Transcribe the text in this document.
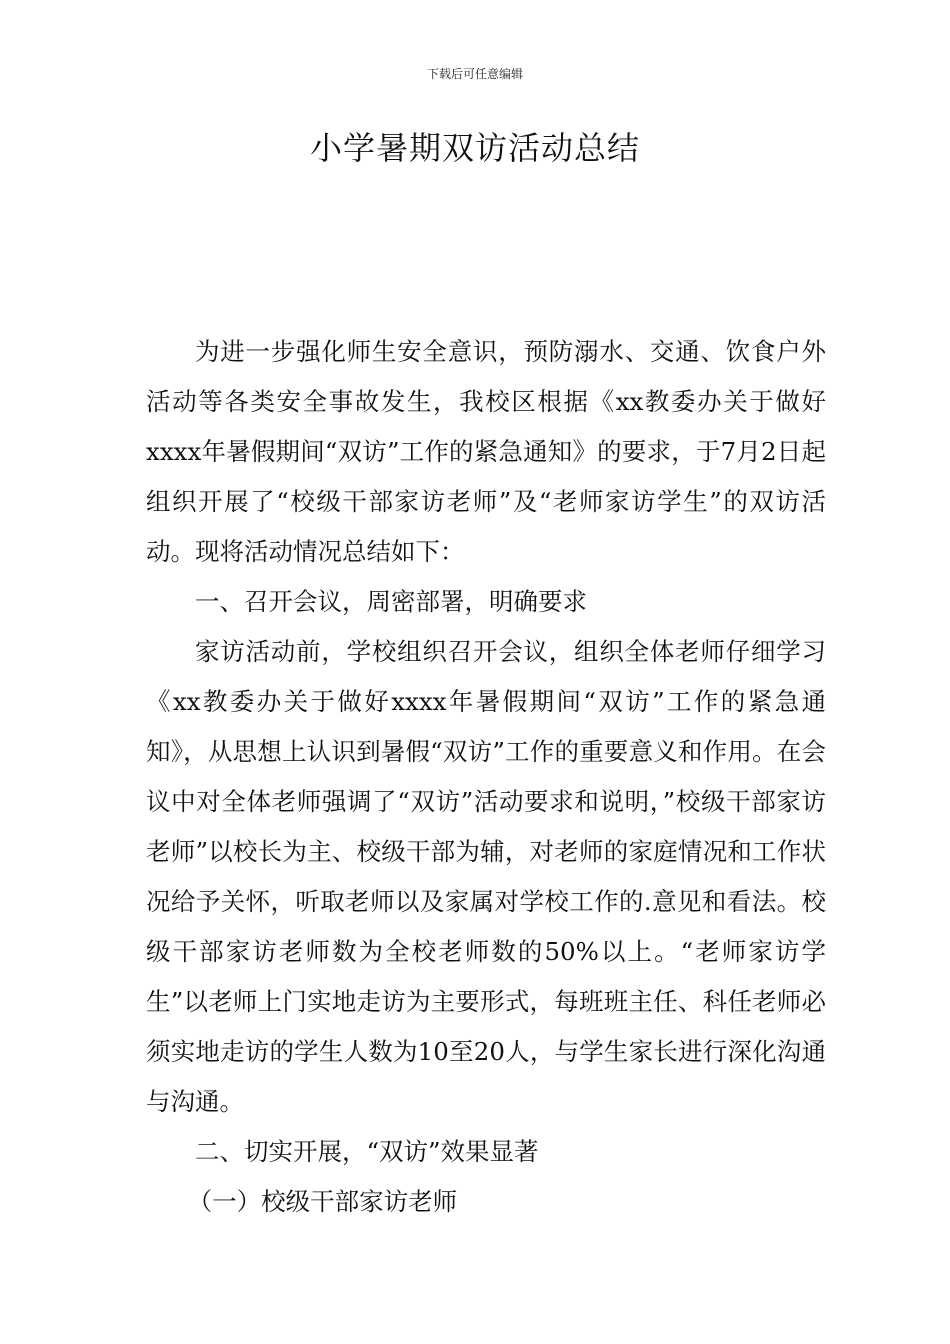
下载后可任意编辑
小学暑期双访活动总结

为进一步强化师生安全意识，预防溺水、交通、饮食户外活动等各类安全事故发生，我校区根据《xx教委办关于做好xxxx年暑假期间“双访”工作的紧急通知》的要求，于7月2日起组织开展了“校级干部家访老师”及“老师家访学生”的双访活动。现将活动情况总结如下：

一、召开会议，周密部署，明确要求

家访活动前，学校组织召开会议，组织全体老师仔细学习《xx教委办关于做好xxxx年暑假期间“双访”工作的紧急通知》，从思想上认识到暑假“双访”工作的重要意义和作用。在会议中对全体老师强调了“双访”活动要求和说明，”校级干部家访老师”以校长为主、校级干部为辅，对老师的家庭情况和工作状况给予关怀，听取老师以及家属对学校工作的.意见和看法。校级干部家访老师数为全校老师数的50%以上。“老师家访学生”以老师上门实地走访为主要形式，每班班主任、科任老师必须实地走访的学生人数为10至20人，与学生家长进行深化沟通与沟通。

二、切实开展，“双访”效果显著

（一）校级干部家访老师
